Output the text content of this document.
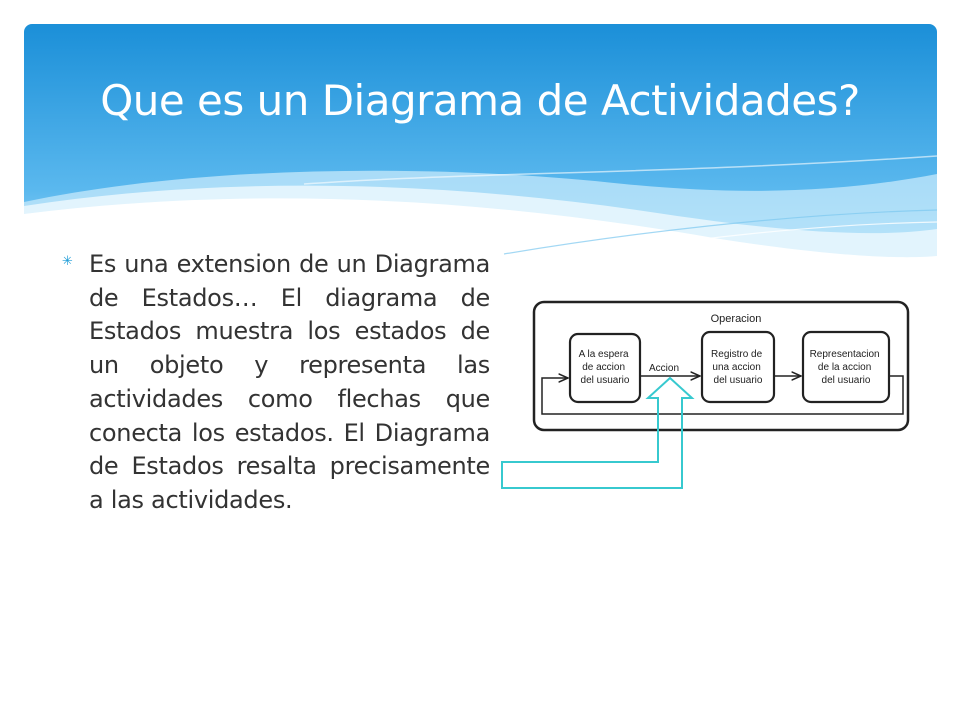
Que es un Diagrama de Actividades?
✳ Es una extension de un Diagrama de Estados… El diagrama de Estados muestra los estados de un objeto y representa las actividades como flechas que conecta los estados. El Diagrama de Estados resalta precisamente a las actividades.
Operacion
A la espera de accion del usuario
Registro de una accion del usuario
Representacion de la accion del usuario
Accion
